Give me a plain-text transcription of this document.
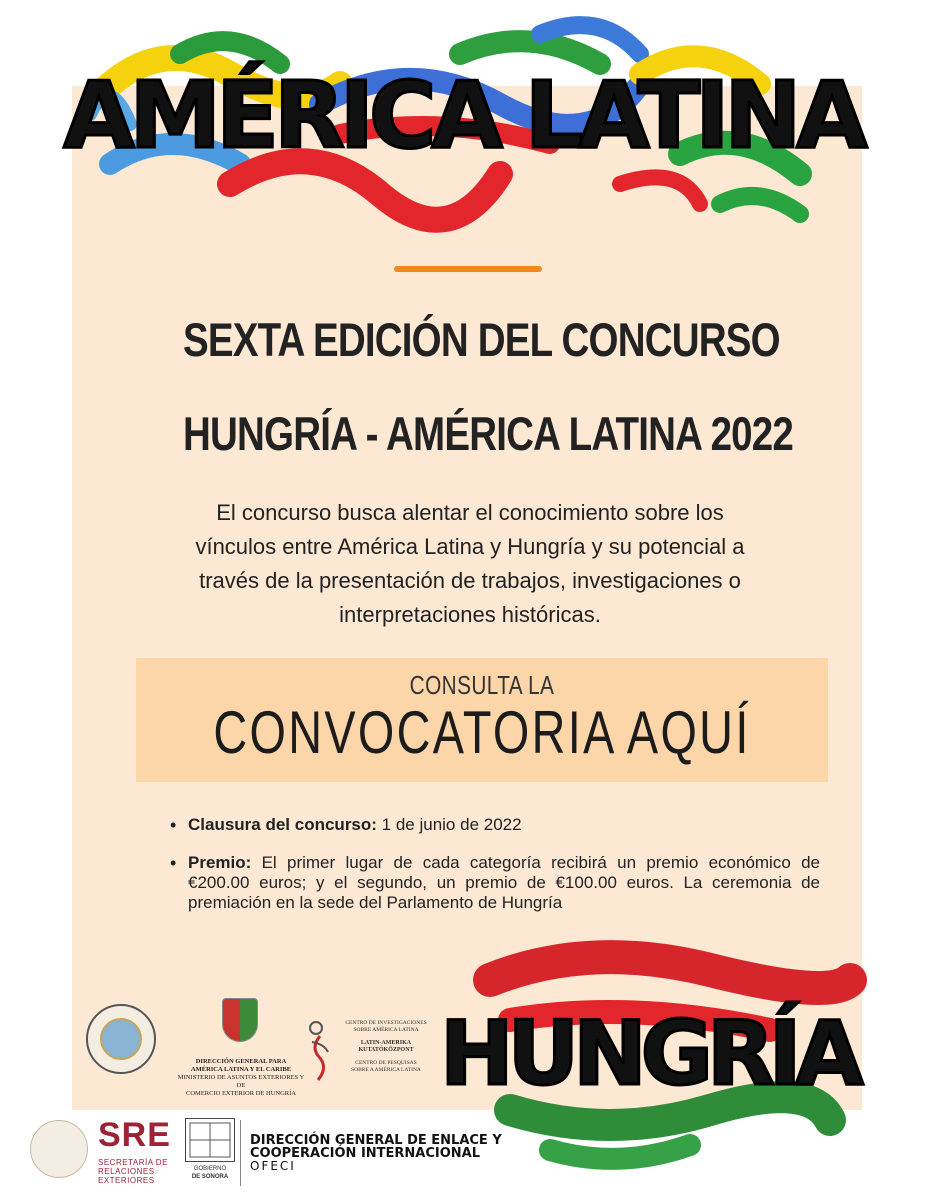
AMÉRICA LATINA
SEXTA EDICIÓN DEL CONCURSO
HUNGRÍA - AMÉRICA LATINA 2022
El concurso busca alentar el conocimiento sobre los
vínculos entre América Latina y Hungría y su potencial a
través de la presentación de trabajos, investigaciones o
interpretaciones históricas.
CONSULTA LA
CONVOCATORIA AQUÍ
• Clausura del concurso: 1 de junio de 2022
• Premio: El primer lugar de cada categoría recibirá un premio económico de €200.00 euros; y el segundo, un premio de €100.00 euros. La ceremonia de premiación en la sede del Parlamento de Hungría
HUNGRÍA
DIRECCIÓN GENERAL PARA
AMÉRICA LATINA Y EL CARIBE
MINISTERIO DE ASUNTOS EXTERIORES Y DE
COMERCIO EXTERIOR DE HUNGRÍA
CENTRO DE INVESTIGACIONES
SOBRE AMÉRICA LATINA
LATIN-AMERIKA
KUTATÓKÖZPONT
CENTRO DE PESQUISAS
SOBRE A AMÉRICA LATINA
SRE
SECRETARÍA DE
RELACIONES
EXTERIORES
GOBIERNO
DE SONORA
DIRECCIÓN GENERAL DE ENLACE Y
COOPERACIÓN INTERNACIONAL
OFECI
